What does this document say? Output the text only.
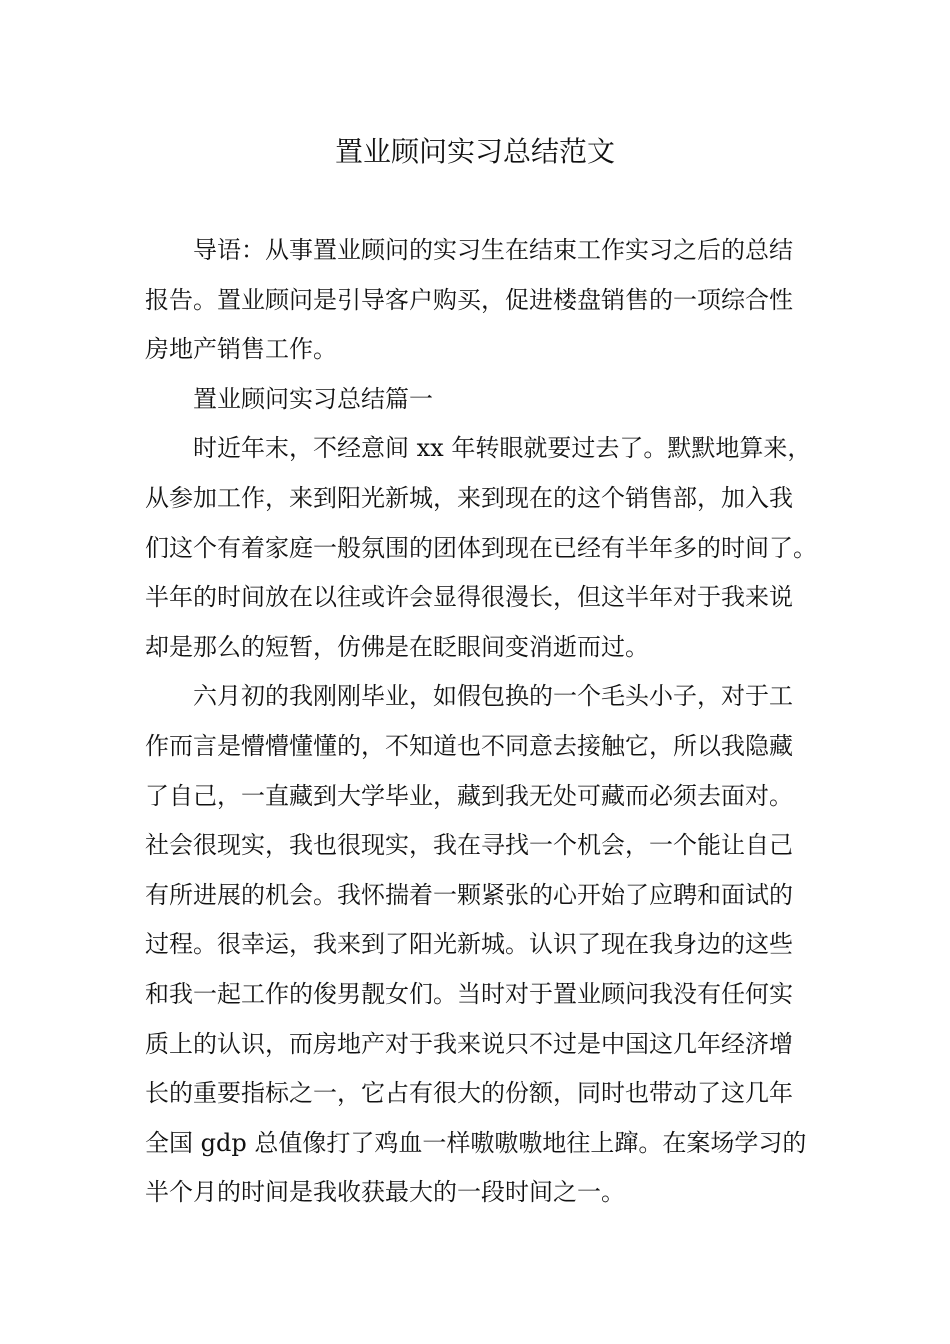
置业顾问实习总结范文

导语：从事置业顾问的实习生在结束工作实习之后的总结
报告。置业顾问是引导客户购买，促进楼盘销售的一项综合性
房地产销售工作。

置业顾问实习总结篇一

时近年末，不经意间 xx 年转眼就要过去了。默默地算来，
从参加工作，来到阳光新城，来到现在的这个销售部，加入我
们这个有着家庭一般氛围的团体到现在已经有半年多的时间了。
半年的时间放在以往或许会显得很漫长，但这半年对于我来说
却是那么的短暂，仿佛是在眨眼间变消逝而过。

六月初的我刚刚毕业，如假包换的一个毛头小子，对于工
作而言是懵懵懂懂的，不知道也不同意去接触它，所以我隐藏
了自己，一直藏到大学毕业，藏到我无处可藏而必须去面对。
社会很现实，我也很现实，我在寻找一个机会，一个能让自己
有所进展的机会。我怀揣着一颗紧张的心开始了应聘和面试的
过程。很幸运，我来到了阳光新城。认识了现在我身边的这些
和我一起工作的俊男靓女们。当时对于置业顾问我没有任何实
质上的认识，而房地产对于我来说只不过是中国这几年经济增
长的重要指标之一，它占有很大的份额，同时也带动了这几年
全国 gdp 总值像打了鸡血一样嗷嗷嗷地往上蹿。在案场学习的
半个月的时间是我收获最大的一段时间之一。
